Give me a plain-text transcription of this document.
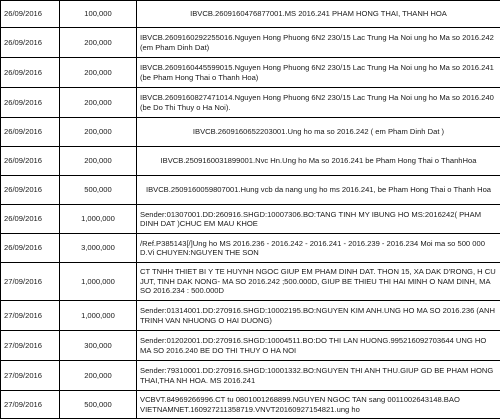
26/09/2016	100,000	IBVCB.2609160476877001.MS 2016.241 PHAM HONG THAI, THANH HOA
26/09/2016	200,000	IBVCB.2609160292255016.Nguyen Hong Phuong 6N2 230/15 Lac Trung Ha Noi ung ho Ma so 2016.242 (em Pham Dinh Dat)
26/09/2016	200,000	IBVCB.2609160445599015.Nguyen Hong Phuong 6N2 230/15 Lac Trung Ha Noi ung ho Ma so 2016.241 (be Pham Hong Thai o Thanh Hoa)
26/09/2016	200,000	IBVCB.2609160827471014.Nguyen Hong Phuong 6N2 230/15 Lac Trung Ha Noi ung ho Ma so 2016.240 (be Do Thi Thuy o Ha Noi).
26/09/2016	200,000	IBVCB.2609160652203001.Ung ho ma so 2016.242 ( em Pham Dinh Dat )
26/09/2016	200,000	IBVCB.2509160031899001.Nvc Hn.Ung ho Ma so 2016.241 be Pham Hong Thai o ThanhHoa
26/09/2016	500,000	IBVCB.2509160059807001.Hung vcb da nang ung ho ms 2016.241, be Pham Hong Thai o Thanh Hoa
26/09/2016	1,000,000	Sender:01307001.DD:260916.SHGD:10007306.BO:TANG TINH MY IBUNG HO MS:2016242( PHAM DINH DAT )CHUC EM MAU KHOE
26/09/2016	3,000,000	/Ref.P385143[/]Ung ho MS 2016.236 - 2016.242 - 2016.241 - 2016.239 - 2016.234 Moi ma so 500 000 D.Vi CHUYEN:NGUYEN THE SON
27/09/2016	1,000,000	CT TNHH THIET BI Y TE HUYNH NGOC GIUP EM PHAM DINH DAT. THON 15, XA DAK D'RONG, H CU JUT, TINH DAK NONG- MA SO 2016.242 ;500.000D, GIUP BE THIEU THI HAI MINH O NAM DINH, MA SO 2016.234 : 500.000D
27/09/2016	1,000,000	Sender:01314001.DD:270916.SHGD:10002195.BO:NGUYEN KIM ANH.UNG HO MA SO 2016.236 (ANH TRINH VAN NHUONG O HAI DUONG)
27/09/2016	300,000	Sender:01202001.DD:270916.SHGD:10004511.BO:DO THI LAN HUONG.995216092703644 UNG HO MA SO 2016.240 BE DO THI THUY O HA NOI
27/09/2016	200,000	Sender:79310001.DD:270916.SHGD:10001332.BO:NGUYEN THI ANH THU.GIUP GD BE PHAM HONG THAI,THA NH HOA. MS 2016.241
27/09/2016	500,000	VCBVT.84969266996.CT tu 0801001268899.NGUYEN NGOC TAN sang 0011002643148.BAO VIETNAMNET.160927211358719.VNVT20160927154821.ung ho
